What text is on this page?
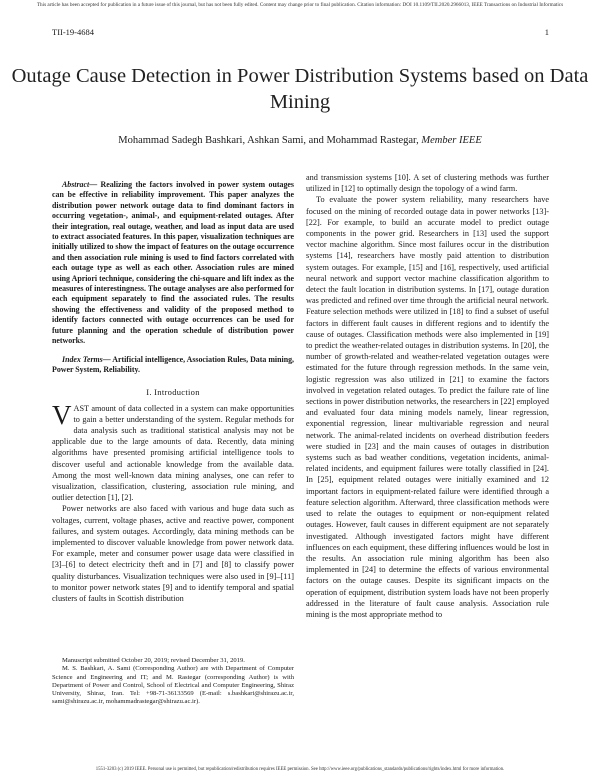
This article has been accepted for publication in a future issue of this journal, but has not been fully edited. Content may change prior to final publication. Citation information: DOI 10.1109/TII.2020.2966013, IEEE Transactions on Industrial Informatics
TII-19-4684	1
Outage Cause Detection in Power Distribution Systems based on Data Mining
Mohammad Sadegh Bashkari, Ashkan Sami, and Mohammad Rastegar, Member IEEE

Abstract— Realizing the factors involved in power system outages can be effective in reliability improvement. This paper analyzes the distribution power network outage data to find dominant factors in occurring vegetation-, animal-, and equipment-related outages. After their integration, real outage, weather, and load as input data are used to extract associated features. In this paper, visualization techniques are initially utilized to show the impact of features on the outage occurrence and then association rule mining is used to find factors correlated with each outage type as well as each other. Association rules are mined using Apriori technique, considering the chi-square and lift index as the measures of interestingness. The outage analyses are also performed for each equipment separately to find the associated rules. The results showing the effectiveness and validity of the proposed method to identify factors connected with outage occurrences can be used for future planning and the operation schedule of distribution power networks.

Index Terms— Artificial intelligence, Association Rules, Data mining, Power System, Reliability.

I. Introduction

VAST amount of data collected in a system can make opportunities to gain a better understanding of the system. Regular methods for data analysis such as traditional statistical analysis may not be applicable due to the large amounts of data. Recently, data mining algorithms have presented promising artificial intelligence tools to discover useful and actionable knowledge from the available data. Among the most well-known data mining analyses, one can refer to visualization, classification, clustering, association rule mining, and outlier detection [1], [2].

Power networks are also faced with various and huge data such as voltages, current, voltage phases, active and reactive power, component failures, and system outages. Accordingly, data mining methods can be implemented to discover valuable knowledge from power network data. For example, meter and consumer power usage data were classified in [3]–[6] to detect electricity theft and in [7] and [8] to classify power quality disturbances. Visualization techniques were also used in [9]–[11] to monitor power network states [9] and to identify temporal and spatial clusters of faults in Scottish distribution

Manuscript submitted October 20, 2019; revised December 31, 2019.

M. S. Bashkari, A. Sami (Corresponding Author) are with Department of Computer Science and Engineering and IT; and M. Rastegar (corresponding Author) is with Department of Power and Control, School of Electrical and Computer Engineering, Shiraz University, Shiraz, Iran. Tel: +98-71-36133569 (E-mail: s.bashkari@shirazu.ac.ir, sami@shirazu.ac.ir, mohammadrastegar@shirazu.ac.ir).

and transmission systems [10]. A set of clustering methods was further utilized in [12] to optimally design the topology of a wind farm.

To evaluate the power system reliability, many researchers have focused on the mining of recorded outage data in power networks [13]-[22]. For example, to build an accurate model to predict outage components in the power grid. Researchers in [13] used the support vector machine algorithm. Since most failures occur in the distribution systems [14], researchers have mostly paid attention to distribution system outages. For example, [15] and [16], respectively, used artificial neural network and support vector machine classification algorithm to detect the fault location in distribution systems. In [17], outage duration was predicted and refined over time through the artificial neural network. Feature selection methods were utilized in [18] to find a subset of useful factors in different fault causes in different regions and to identify the cause of outages. Classification methods were also implemented in [19] to predict the weather-related outages in distribution systems. In [20], the number of growth-related and weather-related vegetation outages were estimated for the future through regression methods. In the same vein, logistic regression was also utilized in [21] to examine the factors involved in vegetation related outages. To predict the failure rate of line sections in power distribution networks, the researchers in [22] employed and evaluated four data mining models namely, linear regression, exponential regression, linear multivariable regression and neural network. The animal-related incidents on overhead distribution feeders were studied in [23] and the main causes of outages in distribution systems such as bad weather conditions, vegetation incidents, animal-related incidents, and equipment failures were totally classified in [24]. In [25], equipment related outages were initially examined and 12 important factors in equipment-related failure were identified through a feature selection algorithm. Afterward, three classification methods were used to relate the outages to equipment or non-equipment related outages. However, fault causes in different equipment are not separately investigated. Although investigated factors might have different influences on each equipment, these differing influences would be lost in the results. An association rule mining algorithm has been also implemented in [24] to determine the effects of various environmental factors on the outage causes. Despite its significant impacts on the operation of equipment, distribution system loads have not been properly addressed in the literature of fault cause analysis. Association rule mining is the most appropriate method to

1551-3203 (c) 2019 IEEE. Personal use is permitted, but republication/redistribution requires IEEE permission. See http://www.ieee.org/publications_standards/publications/rights/index.html for more information.
